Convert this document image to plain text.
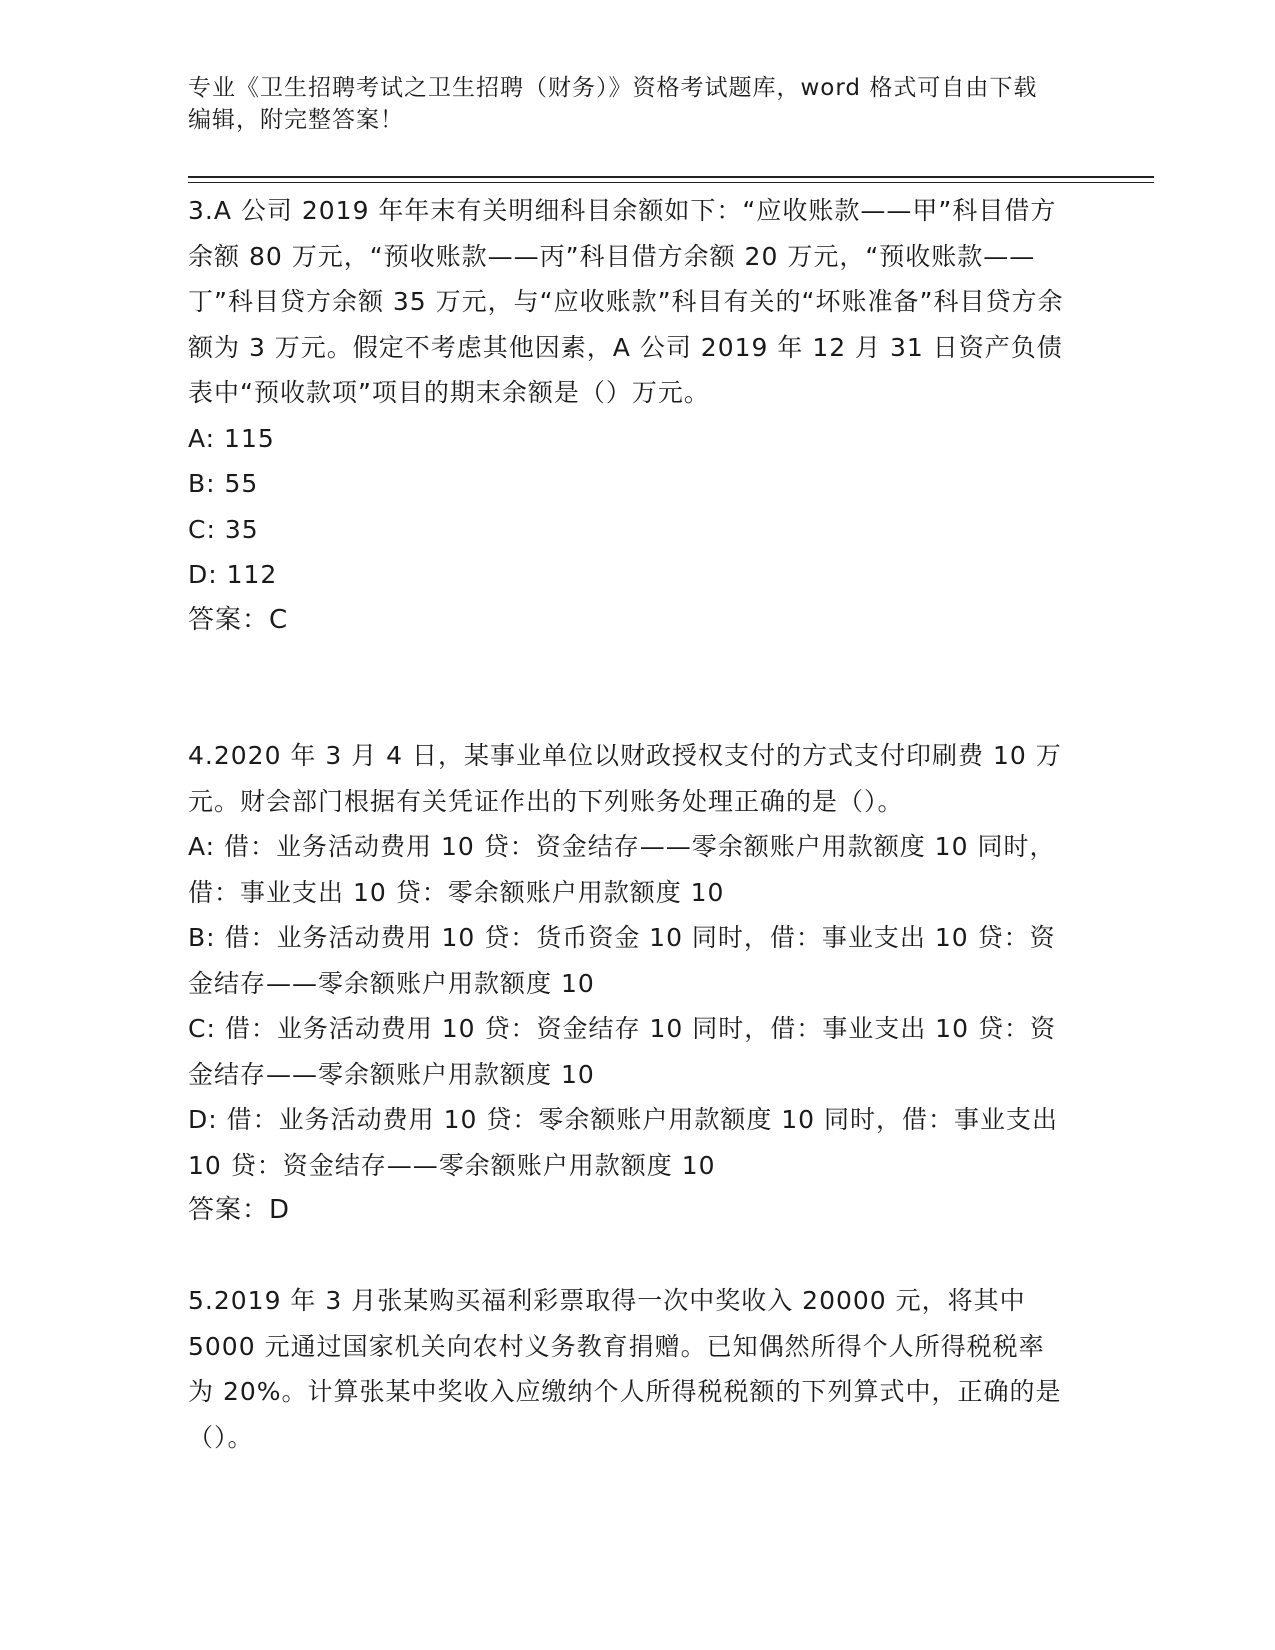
专业《卫生招聘考试之卫生招聘（财务）》资格考试题库，word 格式可自由下载
编辑，附完整答案！

3.A 公司 2019 年年末有关明细科目余额如下：“应收账款——甲”科目借方余额 80 万元，“预收账款——丙”科目借方余额 20 万元，“预收账款——丁”科目贷方余额 35 万元，与“应收账款”科目有关的“坏账准备”科目贷方余额为 3 万元。假定不考虑其他因素，A 公司 2019 年 12 月 31 日资产负债表中“预收款项”项目的期末余额是（）万元。

A: 115

B: 55

C: 35

D: 112

答案：C

4.2020 年 3 月 4 日，某事业单位以财政授权支付的方式支付印刷费 10 万元。财会部门根据有关凭证作出的下列账务处理正确的是（）。

A: 借：业务活动费用 10 贷：资金结存——零余额账户用款额度 10 同时，借：事业支出 10 贷：零余额账户用款额度 10

B: 借：业务活动费用 10 贷：货币资金 10 同时，借：事业支出 10 贷：资金结存——零余额账户用款额度 10

C: 借：业务活动费用 10 贷：资金结存 10 同时，借：事业支出 10 贷：资金结存——零余额账户用款额度 10

D: 借：业务活动费用 10 贷：零余额账户用款额度 10 同时，借：事业支出 10 贷：资金结存——零余额账户用款额度 10

答案：D

5.2019 年 3 月张某购买福利彩票取得一次中奖收入 20000 元，将其中 5000 元通过国家机关向农村义务教育捐赠。已知偶然所得个人所得税税率为 20%。计算张某中奖收入应缴纳个人所得税税额的下列算式中，正确的是（）。
